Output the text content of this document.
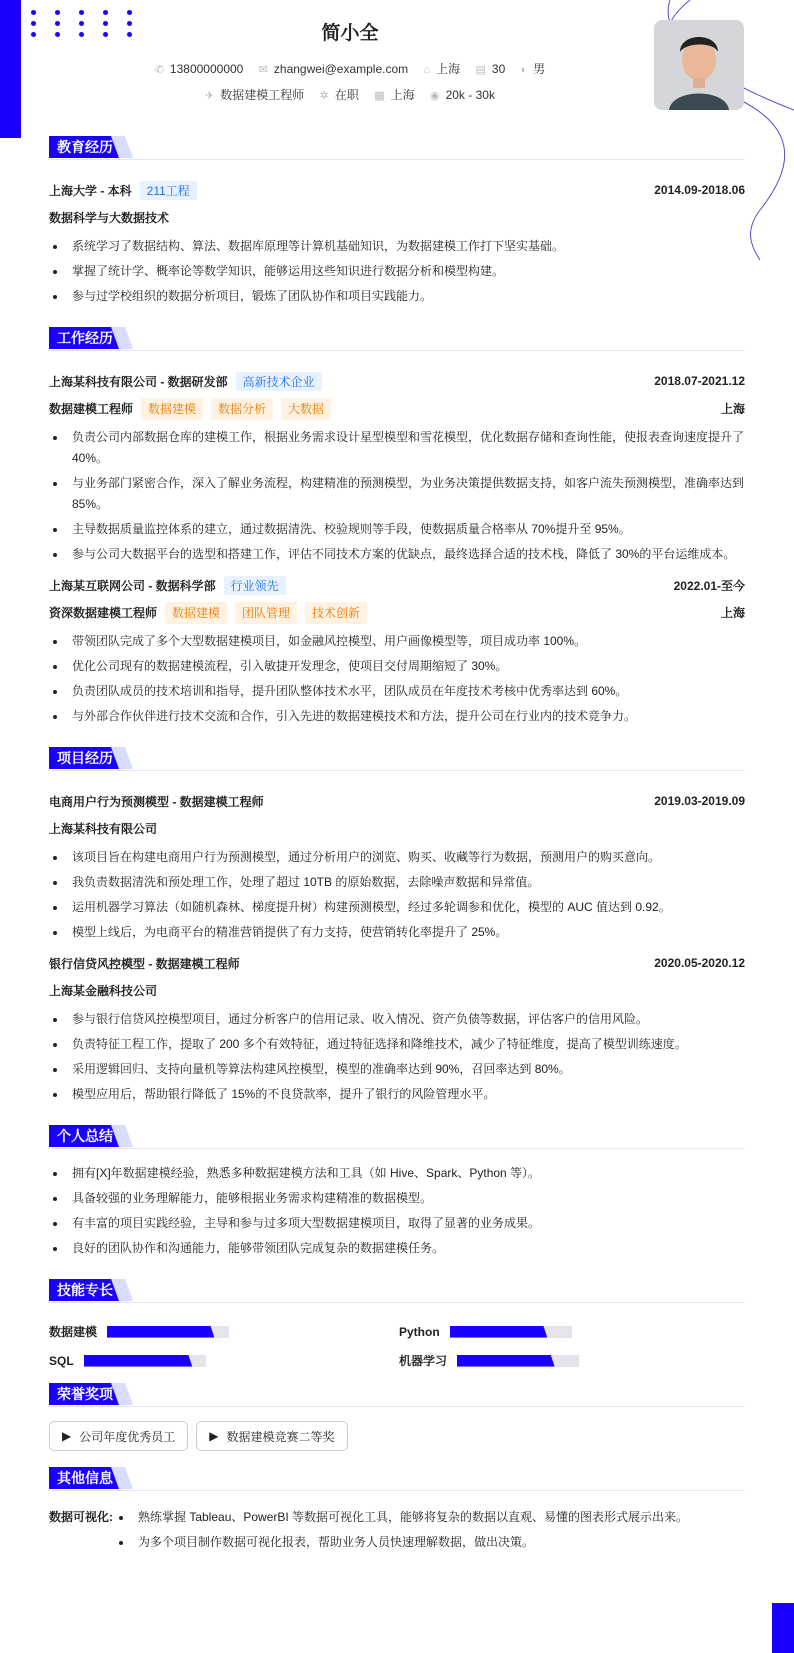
简小全
✆ 13800000000 ✉ zhangwei@example.com ⌂ 上海 ▤ 30 ◐ 男
✈ 数据建模工程师 ✲ 在职 ▦ 上海 ◉ 20k - 30k
教育经历
上海大学 - 本科	211工程	2014.09-2018.06
数据科学与大数据技术
系统学习了数据结构、算法、数据库原理等计算机基础知识，为数据建模工作打下坚实基础。
掌握了统计学、概率论等数学知识，能够运用这些知识进行数据分析和模型构建。
参与过学校组织的数据分析项目，锻炼了团队协作和项目实践能力。
工作经历
上海某科技有限公司 - 数据研发部	高新技术企业	2018.07-2021.12
数据建模工程师	数据建模	数据分析	大数据	上海
负责公司内部数据仓库的建模工作，根据业务需求设计星型模型和雪花模型，优化数据存储和查询性能，使报表查询速度提升了40%。
与业务部门紧密合作，深入了解业务流程，构建精准的预测模型，为业务决策提供数据支持，如客户流失预测模型，准确率达到85%。
主导数据质量监控体系的建立，通过数据清洗、校验规则等手段，使数据质量合格率从 70%提升至 95%。
参与公司大数据平台的选型和搭建工作，评估不同技术方案的优缺点，最终选择合适的技术栈，降低了 30%的平台运维成本。
上海某互联网公司 - 数据科学部	行业领先	2022.01-至今
资深数据建模工程师	数据建模	团队管理	技术创新	上海
带领团队完成了多个大型数据建模项目，如金融风控模型、用户画像模型等，项目成功率 100%。
优化公司现有的数据建模流程，引入敏捷开发理念，使项目交付周期缩短了 30%。
负责团队成员的技术培训和指导，提升团队整体技术水平，团队成员在年度技术考核中优秀率达到 60%。
与外部合作伙伴进行技术交流和合作，引入先进的数据建模技术和方法，提升公司在行业内的技术竞争力。
项目经历
电商用户行为预测模型 - 数据建模工程师	2019.03-2019.09
上海某科技有限公司
该项目旨在构建电商用户行为预测模型，通过分析用户的浏览、购买、收藏等行为数据，预测用户的购买意向。
我负责数据清洗和预处理工作，处理了超过 10TB 的原始数据，去除噪声数据和异常值。
运用机器学习算法（如随机森林、梯度提升树）构建预测模型，经过多轮调参和优化，模型的 AUC 值达到 0.92。
模型上线后，为电商平台的精准营销提供了有力支持，使营销转化率提升了 25%。
银行信贷风控模型 - 数据建模工程师	2020.05-2020.12
上海某金融科技公司
参与银行信贷风控模型项目，通过分析客户的信用记录、收入情况、资产负债等数据，评估客户的信用风险。
负责特征工程工作，提取了 200 多个有效特征，通过特征选择和降维技术，减少了特征维度，提高了模型训练速度。
采用逻辑回归、支持向量机等算法构建风控模型，模型的准确率达到 90%，召回率达到 80%。
模型应用后，帮助银行降低了 15%的不良贷款率，提升了银行的风险管理水平。
个人总结
拥有[X]年数据建模经验，熟悉多种数据建模方法和工具（如 Hive、Spark、Python 等）。
具备较强的业务理解能力，能够根据业务需求构建精准的数据模型。
有丰富的项目实践经验，主导和参与过多项大型数据建模项目，取得了显著的业务成果。
良好的团队协作和沟通能力，能够带领团队完成复杂的数据建模任务。
技能专长
数据建模	Python
SQL	机器学习
荣誉奖项
▶ 公司年度优秀员工	▶ 数据建模竞赛二等奖
其他信息
数据可视化:	熟练掌握 Tableau、PowerBI 等数据可视化工具，能够将复杂的数据以直观、易懂的图表形式展示出来。
为多个项目制作数据可视化报表，帮助业务人员快速理解数据，做出决策。
